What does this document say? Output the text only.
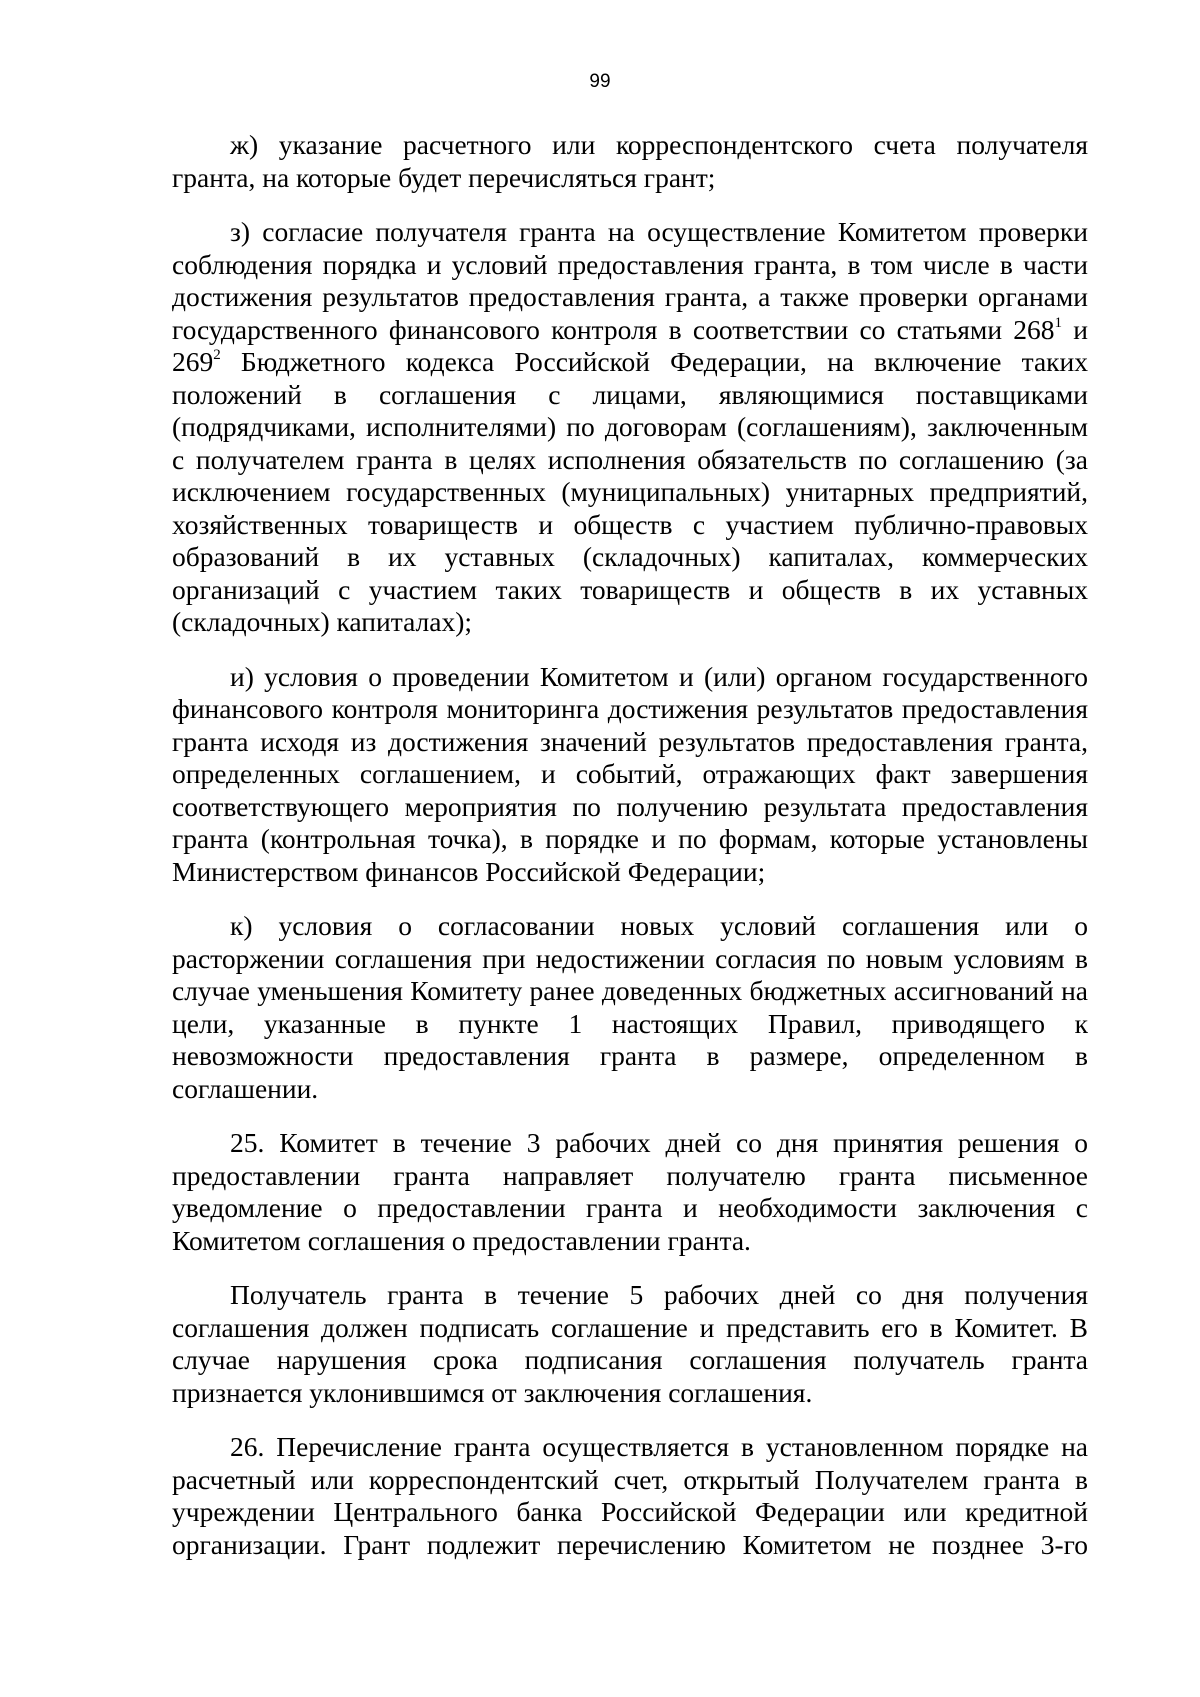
99

ж) указание расчетного или корреспондентского счета получателя гранта, на которые будет перечисляться грант;

з) согласие получателя гранта на осуществление Комитетом проверки соблюдения порядка и условий предоставления гранта, в том числе в части достижения результатов предоставления гранта, а также проверки органами государственного финансового контроля в соответствии со статьями $268^1$ и $269^2$ Бюджетного кодекса Российской Федерации, на включение таких положений в соглашения с лицами, являющимися поставщиками (подрядчиками, исполнителями) по договорам (соглашениям), заключенным с получателем гранта в целях исполнения обязательств по соглашению (за исключением государственных (муниципальных) унитарных предприятий, хозяйственных товариществ и обществ с участием публично-правовых образований в их уставных (складочных) капиталах, коммерческих организаций с участием таких товариществ и обществ в их уставных (складочных) капиталах);

и) условия о проведении Комитетом и (или) органом государственного финансового контроля мониторинга достижения результатов предоставления гранта исходя из достижения значений результатов предоставления гранта, определенных соглашением, и событий, отражающих факт завершения соответствующего мероприятия по получению результата предоставления гранта (контрольная точка), в порядке и по формам, которые установлены Министерством финансов Российской Федерации;

к) условия о согласовании новых условий соглашения или о расторжении соглашения при недостижении согласия по новым условиям в случае уменьшения Комитету ранее доведенных бюджетных ассигнований на цели, указанные в пункте 1 настоящих Правил, приводящего к невозможности предоставления гранта в размере, определенном в соглашении.

25. Комитет в течение 3 рабочих дней со дня принятия решения о предоставлении гранта направляет получателю гранта письменное уведомление о предоставлении гранта и необходимости заключения с Комитетом соглашения о предоставлении гранта.

Получатель гранта в течение 5 рабочих дней со дня получения соглашения должен подписать соглашение и представить его в Комитет. В случае нарушения срока подписания соглашения получатель гранта признается уклонившимся от заключения соглашения.

26. Перечисление гранта осуществляется в установленном порядке на расчетный или корреспондентский счет, открытый Получателем гранта в учреждении Центрального банка Российской Федерации или кредитной организации. Грант подлежит перечислению Комитетом не позднее 3-го
